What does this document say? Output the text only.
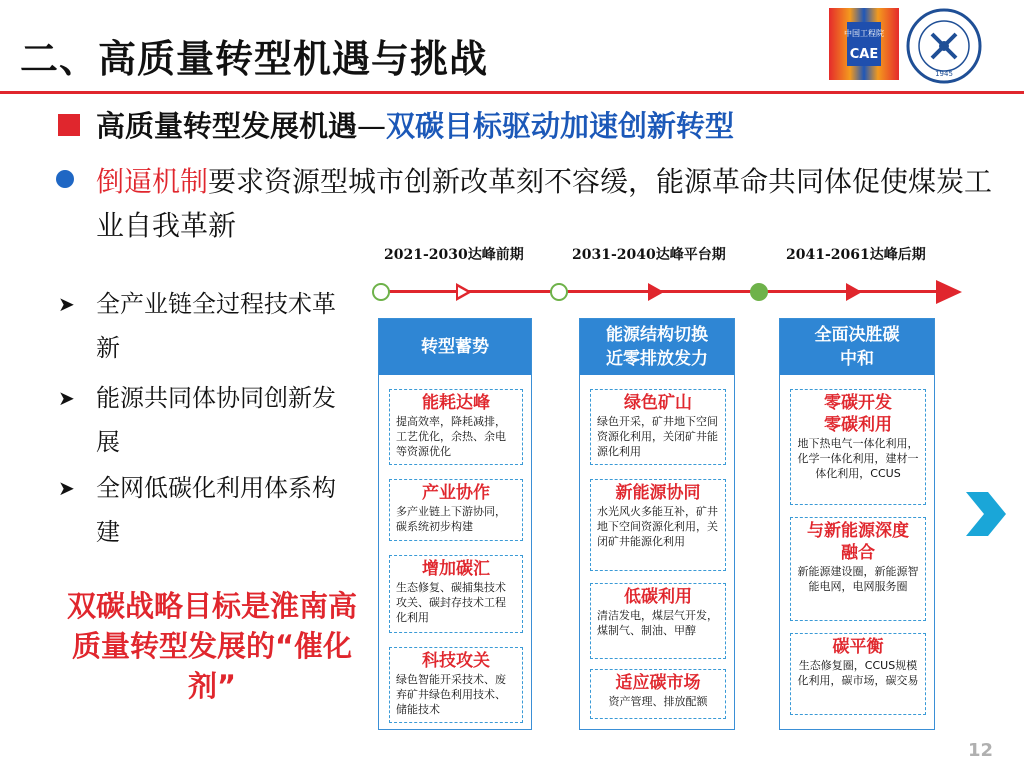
二、高质量转型机遇与挑战
中国工程院
CAE
1945
高质量转型发展机遇—双碳目标驱动加速创新转型
倒逼机制要求资源型城市创新改革刻不容缓，能源革命共同体促使煤炭工业自我革新
➤ 全产业链全过程技术革新
➤ 能源共同体协同创新发展
➤ 全网低碳化利用体系构建
双碳战略目标是淮南高质量转型发展的“催化剂”
2021-2030达峰前期	2031-2040达峰平台期	2041-2061达峰后期
转型蓄势
能耗达峰
提高效率，降耗减排，工艺优化，余热、余电等资源优化
产业协作
多产业链上下游协同，碳系统初步构建
增加碳汇
生态修复、碳捕集技术攻关、碳封存技术工程化利用
科技攻关
绿色智能开采技术、废弃矿井绿色利用技术、储能技术
能源结构切换近零排放发力
绿色矿山
绿色开采，矿井地下空间资源化利用，关闭矿井能源化利用
新能源协同
水光风火多能互补，矿井地下空间资源化利用，关闭矿井能源化利用
低碳利用
清洁发电，煤层气开发，煤制气、制油、甲醇
适应碳市场
资产管理、排放配额
全面决胜碳中和
零碳开发零碳利用
地下热电气一体化利用，化学一体化利用，建材一体化利用，CCUS
与新能源深度融合
新能源建设圈，新能源智能电网，电网服务圈
碳平衡
生态修复圈，CCUS规模化利用，碳市场，碳交易
12
